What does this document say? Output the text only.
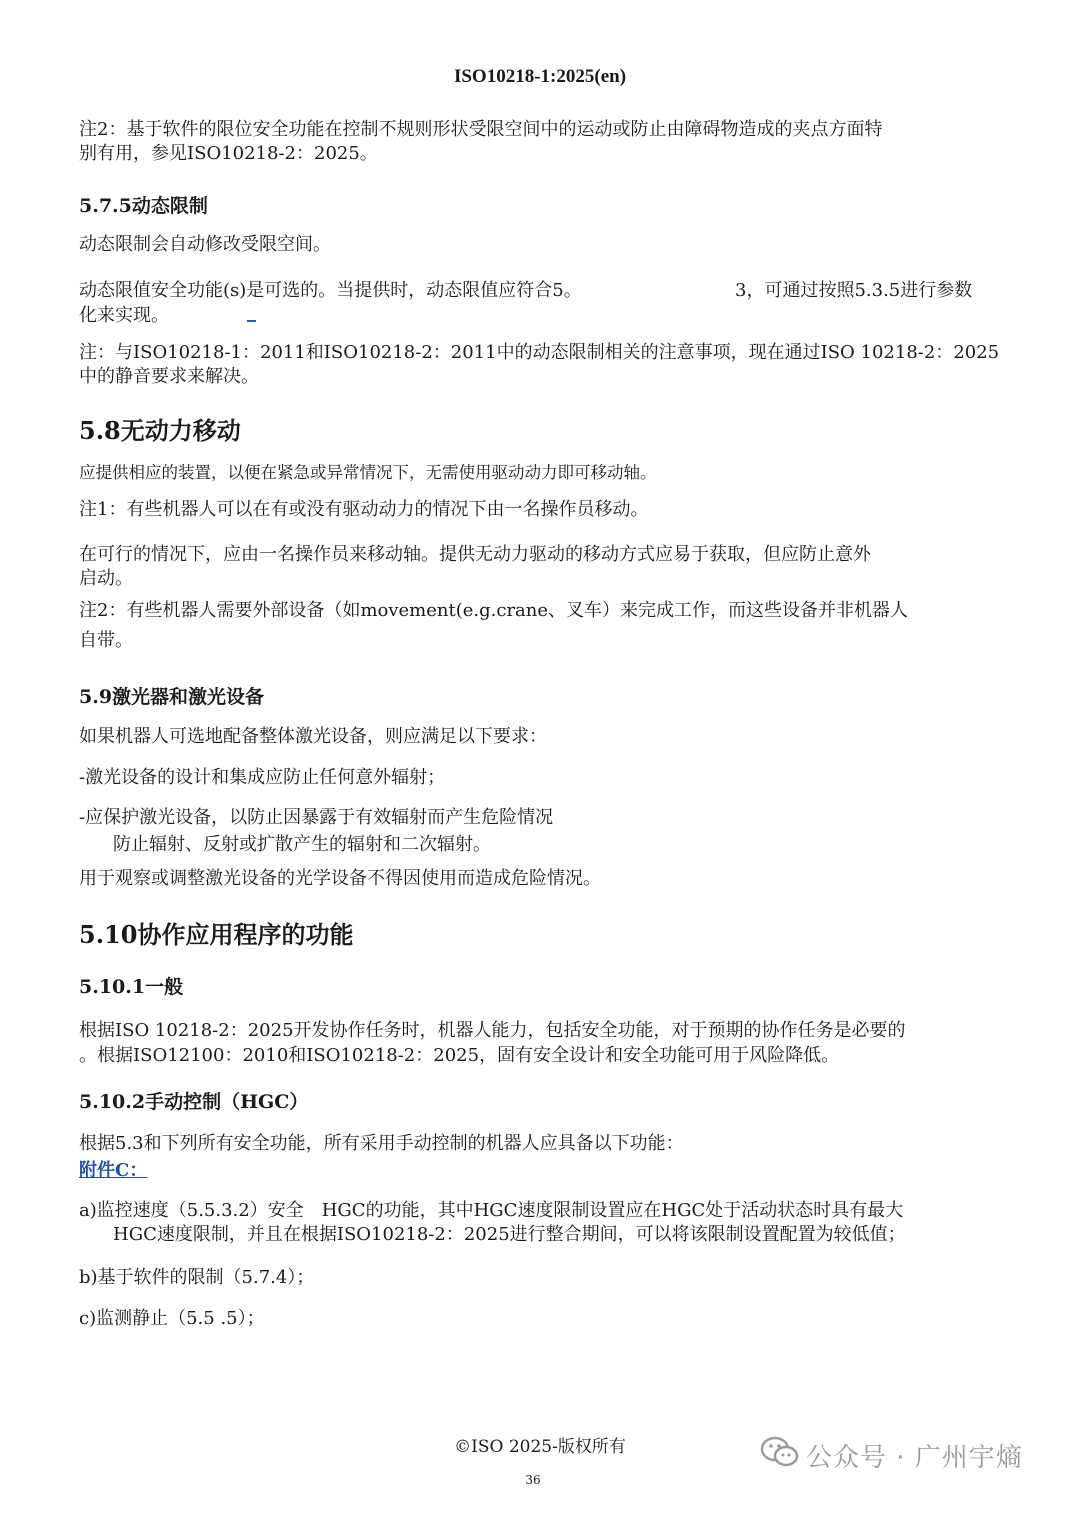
ISO10218-1:2025(en)
注2：基于软件的限位安全功能在控制不规则形状受限空间中的运动或防止由障碍物造成的夹点方面特
别有用，参见ISO10218-2：2025。
5.7.5动态限制
动态限制会自动修改受限空间。
动态限值安全功能(s)是可选的。当提供时，动态限值应符合5。	3，可通过按照5.3.5进行参数
化来实现。
注：与ISO10218-1：2011和ISO10218-2：2011中的动态限制相关的注意事项，现在通过ISO 10218-2：2025
中的静音要求来解决。
5.8无动力移动
应提供相应的装置，以便在紧急或异常情况下，无需使用驱动动力即可移动轴。
注1：有些机器人可以在有或没有驱动动力的情况下由一名操作员移动。
在可行的情况下，应由一名操作员来移动轴。提供无动力驱动的移动方式应易于获取，但应防止意外
启动。
注2：有些机器人需要外部设备（如movement(e.g.crane、叉车）来完成工作，而这些设备并非机器人
自带。
5.9激光器和激光设备
如果机器人可选地配备整体激光设备，则应满足以下要求：
-激光设备的设计和集成应防止任何意外辐射；
-应保护激光设备，以防止因暴露于有效辐射而产生危险情况
防止辐射、反射或扩散产生的辐射和二次辐射。
用于观察或调整激光设备的光学设备不得因使用而造成危险情况。
5.10协作应用程序的功能
5.10.1一般
根据ISO 10218-2：2025开发协作任务时，机器人能力，包括安全功能，对于预期的协作任务是必要的
。根据ISO12100：2010和ISO10218-2：2025，固有安全设计和安全功能可用于风险降低。
5.10.2手动控制（HGC）
根据5.3和下列所有安全功能，所有采用手动控制的机器人应具备以下功能：
附件C：
a)监控速度（5.5.3.2）安全　HGC的功能，其中HGC速度限制设置应在HGC处于活动状态时具有最大
HGC速度限制，并且在根据ISO10218-2：2025进行整合期间，可以将该限制设置配置为较低值；
b)基于软件的限制（5.7.4）；
c)监测静止（5.5 .5）；
©ISO 2025-版权所有
36
公众号 · 广州宇熵
